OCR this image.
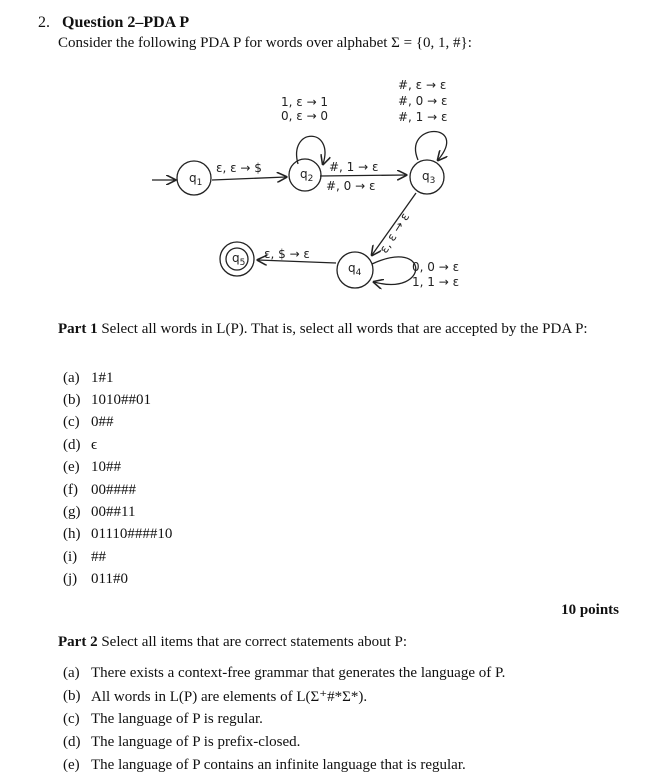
2. Question 2–PDA P
Consider the following PDA P for words over alphabet Σ = {0, 1, #}:
$q_1$
$q_2$	$q_3$
$q_4$
$q_5$
ε, ε → $
1, ε → 1
0, ε → 0
#, 1 → ε
#, 0 → ε
#, ε → ε
#, 0 → ε
#, 1 → ε
ε, ε → ε
0, 0 → ε
1, 1 → ε
ε, $ → ε
Part 1 Select all words in L(P). That is, select all words that are accepted by the PDA P:
(a) 1#1
(b) 1010##01
(c) 0##
(d) ϵ
(e) 10##
(f) 00####
(g) 00##11
(h) 01110####10
(i) ##
(j) 011#0
10 points
Part 2 Select all items that are correct statements about P:
(a) There exists a context-free grammar that generates the language of P.
(b) All words in L(P) are elements of L(Σ⁺#*Σ*).
(c) The language of P is regular.
(d) The language of P is prefix-closed.
(e) The language of P contains an infinite language that is regular.
